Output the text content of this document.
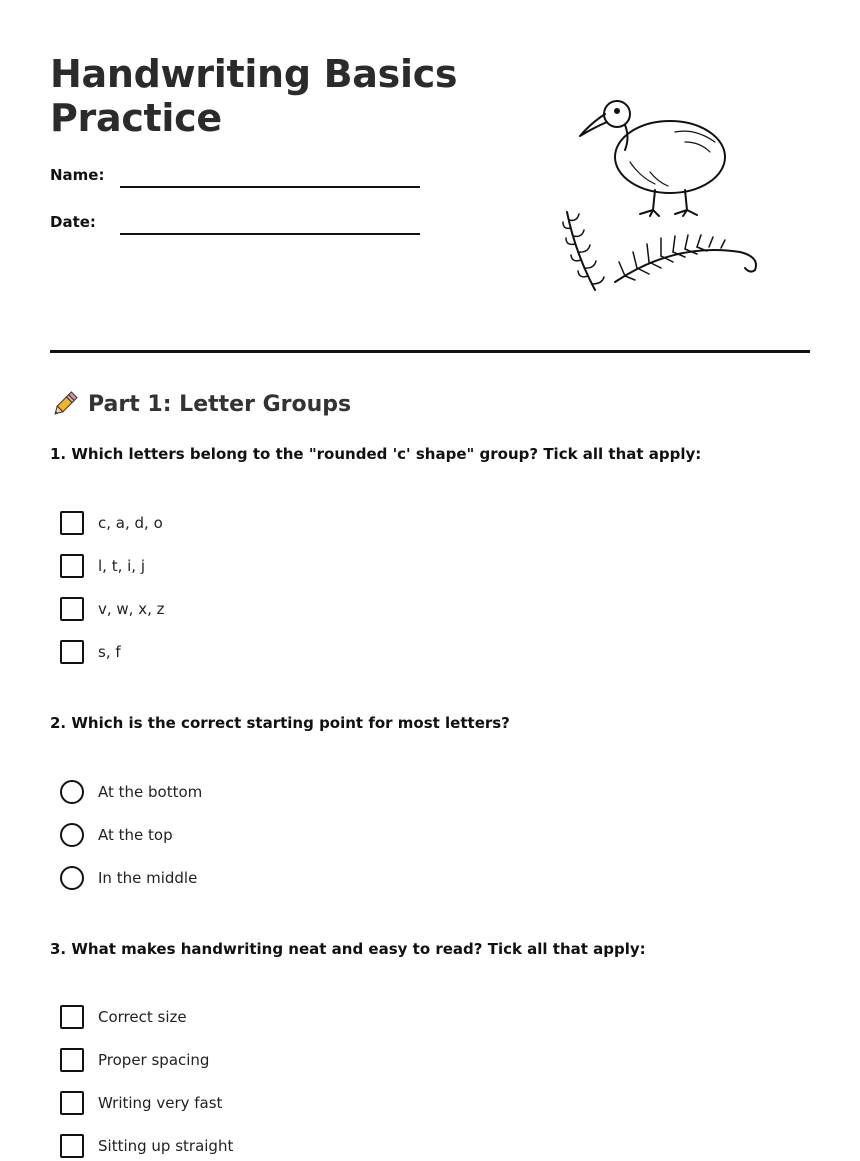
Handwriting Basics Practice
Name:
Date:
Part 1: Letter Groups

1. Which letters belong to the "rounded 'c' shape" group? Tick all that apply:

c, a, d, o
l, t, i, j
v, w, x, z
s, f

2. Which is the correct starting point for most letters?

At the bottom
At the top
In the middle

3. What makes handwriting neat and easy to read? Tick all that apply:

Correct size
Proper spacing
Writing very fast
Sitting up straight
